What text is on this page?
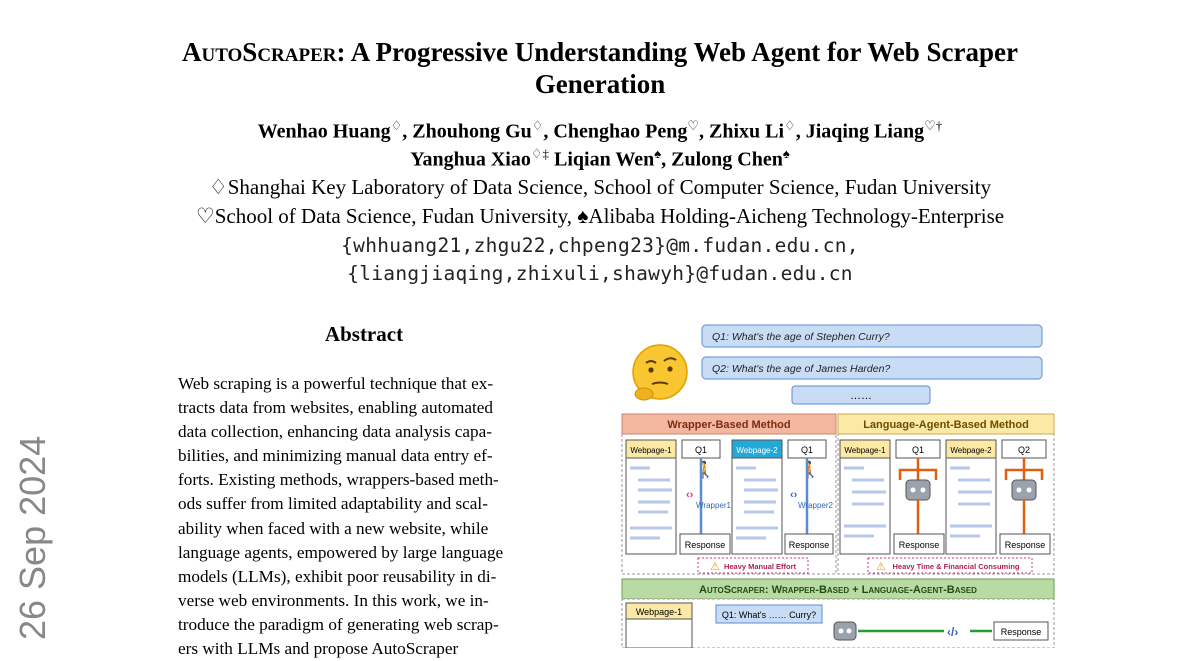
AutoScraper: A Progressive Understanding Web Agent for Web Scraper
Generation
Wenhao Huang♢, Zhouhong Gu♢, Chenghao Peng♡, Zhixu Li♢, Jiaqing Liang♡†
Yanghua Xiao♢‡ Liqian Wen♠, Zulong Chen♠
♢Shanghai Key Laboratory of Data Science, School of Computer Science, Fudan University
♡School of Data Science, Fudan University, ♠Alibaba Holding-Aicheng Technology-Enterprise
{whhuang21,zhgu22,chpeng23}@m.fudan.edu.cn,
{liangjiaqing,zhixuli,shawyh}@fudan.edu.cn
26 Sep 2024
Abstract
Web scraping is a powerful technique that ex-
tracts data from websites, enabling automated
data collection, enhancing data analysis capa-
bilities, and minimizing manual data entry ef-
forts. Existing methods, wrappers-based meth-
ods suffer from limited adaptability and scal-
ability when faced with a new website, while
language agents, empowered by large language
models (LLMs), exhibit poor reusability in di-
verse web environments. In this work, we in-
troduce the paradigm of generating web scrap-
ers with LLMs and propose AutoScraper
Q1: What's the age of Stephen Curry?
Q2: What's the age of James Harden?
……
Wrapper-Based Method
Webpage-1	Q1
🚶
‹›
Wrapper1
Response
Webpage-2	Q1
🚶
‹›
Wrapper2
Response
⚠ Heavy Manual Effort
Language-Agent-Based Method
Webpage-1	Q1
Response
Webpage-2	Q2
Response
⚠ Heavy Time & Financial Consuming
AutoScraper: Wrapper-Based + Language-Agent-Based
Webpage-1	Q1: What's …… Curry?
‹/›	Response
